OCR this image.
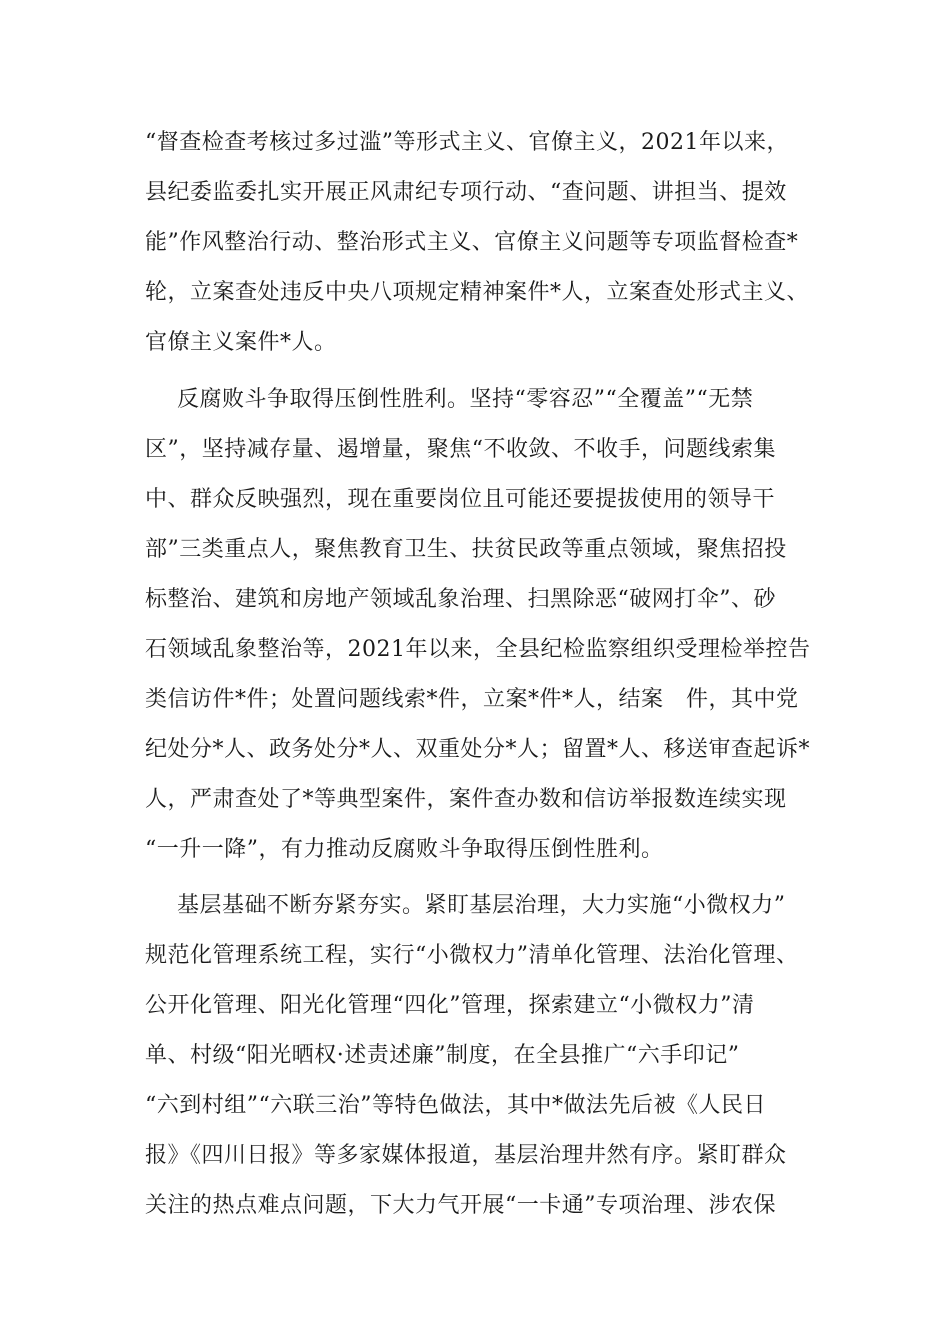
“督查检查考核过多过滥”等形式主义、官僚主义，2021年以来，
县纪委监委扎实开展正风肃纪专项行动、“查问题、讲担当、提效
能”作风整治行动、整治形式主义、官僚主义问题等专项监督检查*
轮，立案查处违反中央八项规定精神案件*人，立案查处形式主义、
官僚主义案件*人。
反腐败斗争取得压倒性胜利。坚持“零容忍”“全覆盖”“无禁
区”，坚持减存量、遏增量，聚焦“不收敛、不收手，问题线索集
中、群众反映强烈，现在重要岗位且可能还要提拔使用的领导干
部”三类重点人，聚焦教育卫生、扶贫民政等重点领域，聚焦招投
标整治、建筑和房地产领域乱象治理、扫黑除恶“破网打伞”、砂
石领域乱象整治等，2021年以来，全县纪检监察组织受理检举控告
类信访件*件；处置问题线索*件，立案*件*人，结案　件，其中党
纪处分*人、政务处分*人、双重处分*人；留置*人、移送审查起诉*
人，严肃查处了*等典型案件，案件查办数和信访举报数连续实现
“一升一降”，有力推动反腐败斗争取得压倒性胜利。
基层基础不断夯紧夯实。紧盯基层治理，大力实施“小微权力”
规范化管理系统工程，实行“小微权力”清单化管理、法治化管理、
公开化管理、阳光化管理“四化”管理，探索建立“小微权力”清
单、村级“阳光晒权·述责述廉”制度，在全县推广“六手印记”
“六到村组”“六联三治”等特色做法，其中*做法先后被《人民日
报》《四川日报》等多家媒体报道，基层治理井然有序。紧盯群众
关注的热点难点问题，下大力气开展“一卡通”专项治理、涉农保
